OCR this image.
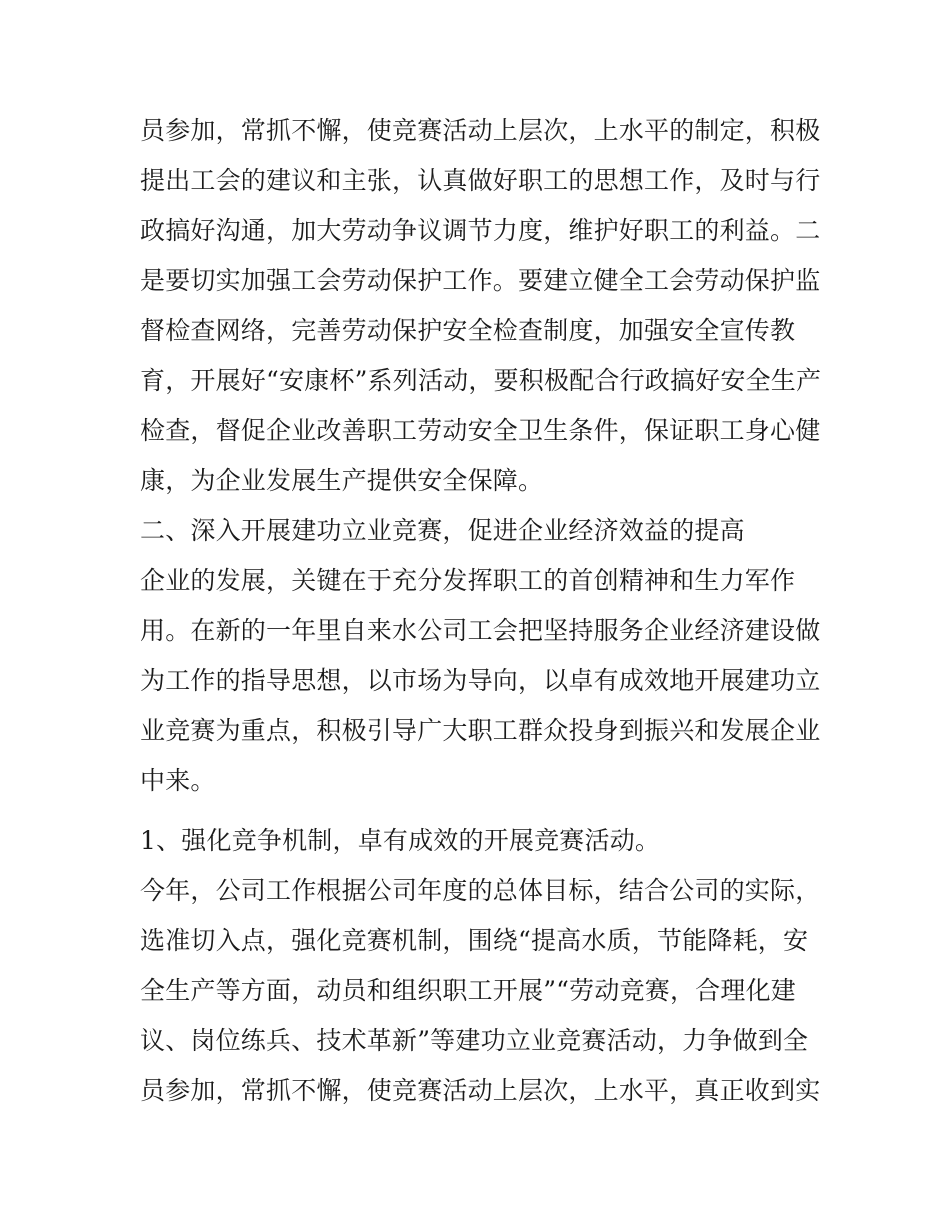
员参加，常抓不懈，使竞赛活动上层次，上水平的制定，积极
提出工会的建议和主张，认真做好职工的思想工作，及时与行
政搞好沟通，加大劳动争议调节力度，维护好职工的利益。二
是要切实加强工会劳动保护工作。要建立健全工会劳动保护监
督检查网络，完善劳动保护安全检查制度，加强安全宣传教
育，开展好“安康杯”系列活动，要积极配合行政搞好安全生产
检查，督促企业改善职工劳动安全卫生条件，保证职工身心健
康，为企业发展生产提供安全保障。
二、深入开展建功立业竞赛，促进企业经济效益的提高
企业的发展，关键在于充分发挥职工的首创精神和生力军作
用。在新的一年里自来水公司工会把坚持服务企业经济建设做
为工作的指导思想，以市场为导向，以卓有成效地开展建功立
业竞赛为重点，积极引导广大职工群众投身到振兴和发展企业
中来。
1、强化竞争机制，卓有成效的开展竞赛活动。
今年，公司工作根据公司年度的总体目标，结合公司的实际，
选准切入点，强化竞赛机制，围绕“提高水质，节能降耗，安
全生产等方面，动员和组织职工开展”“劳动竞赛，合理化建
议、岗位练兵、技术革新”等建功立业竞赛活动，力争做到全
员参加，常抓不懈，使竞赛活动上层次，上水平，真正收到实
